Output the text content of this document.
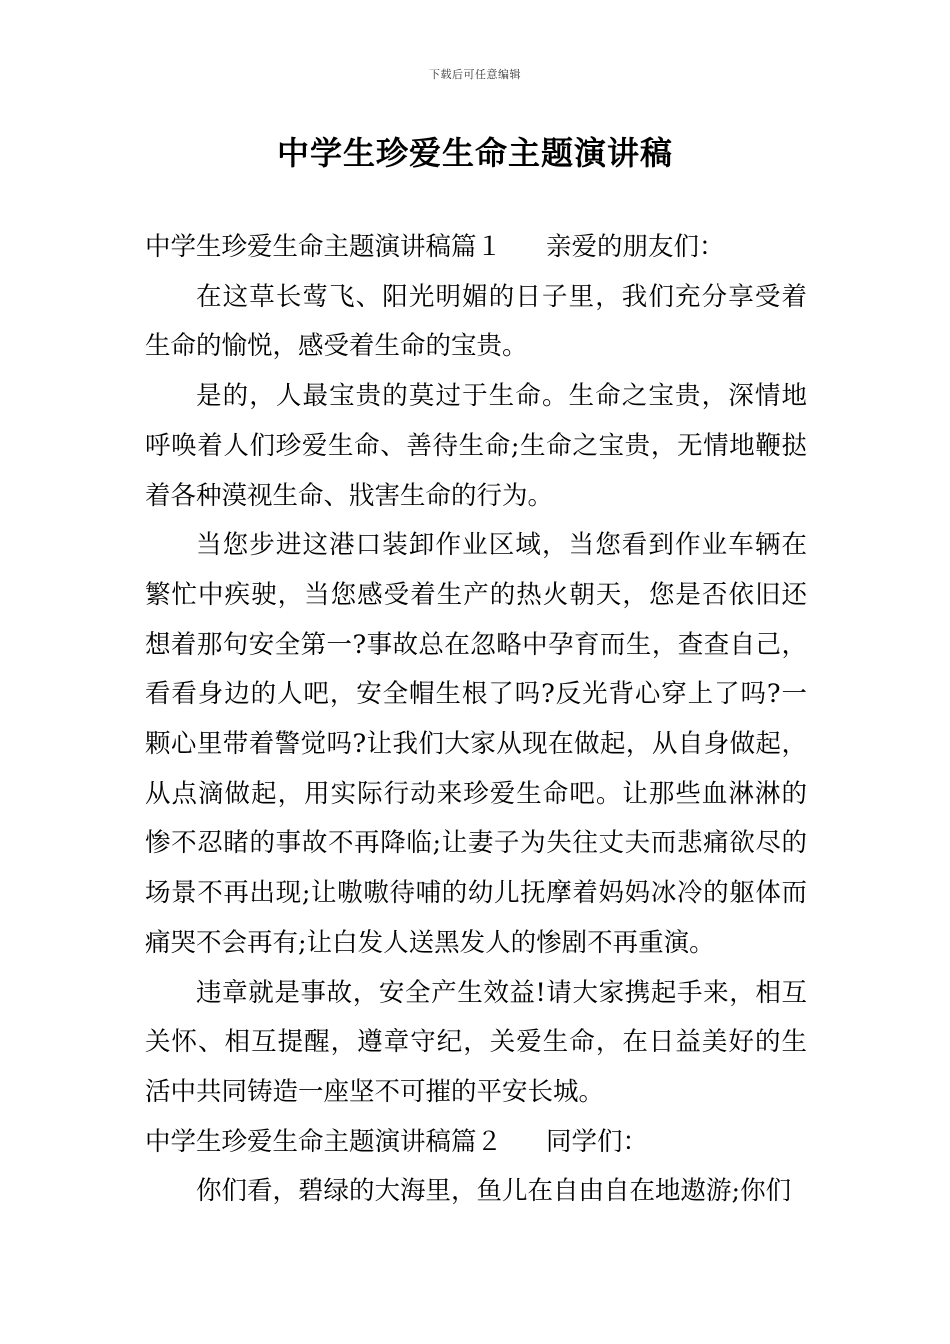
下载后可任意编辑
中学生珍爱生命主题演讲稿

中学生珍爱生命主题演讲稿篇１ 亲爱的朋友们：

在这草长莺飞、阳光明媚的日子里，我们充分享受着生命的愉悦，感受着生命的宝贵。

是的，人最宝贵的莫过于生命。生命之宝贵，深情地呼唤着人们珍爱生命、善待生命;生命之宝贵，无情地鞭挞着各种漠视生命、戕害生命的行为。

当您步进这港口装卸作业区域，当您看到作业车辆在繁忙中疾驶，当您感受着生产的热火朝天，您是否依旧还想着那句安全第一?事故总在忽略中孕育而生，查查自己，看看身边的人吧，安全帽生根了吗?反光背心穿上了吗?一颗心里带着警觉吗?让我们大家从现在做起，从自身做起，从点滴做起，用实际行动来珍爱生命吧。让那些血淋淋的惨不忍睹的事故不再降临;让妻子为失往丈夫而悲痛欲尽的场景不再出现;让嗷嗷待哺的幼儿抚摩着妈妈冰冷的躯体而痛哭不会再有;让白发人送黑发人的惨剧不再重演。

违章就是事故，安全产生效益!请大家携起手来，相互关怀、相互提醒，遵章守纪，关爱生命，在日益美好的生活中共同铸造一座坚不可摧的平安长城。

中学生珍爱生命主题演讲稿篇２ 同学们：

你们看，碧绿的大海里，鱼儿在自由自在地遨游;你们
